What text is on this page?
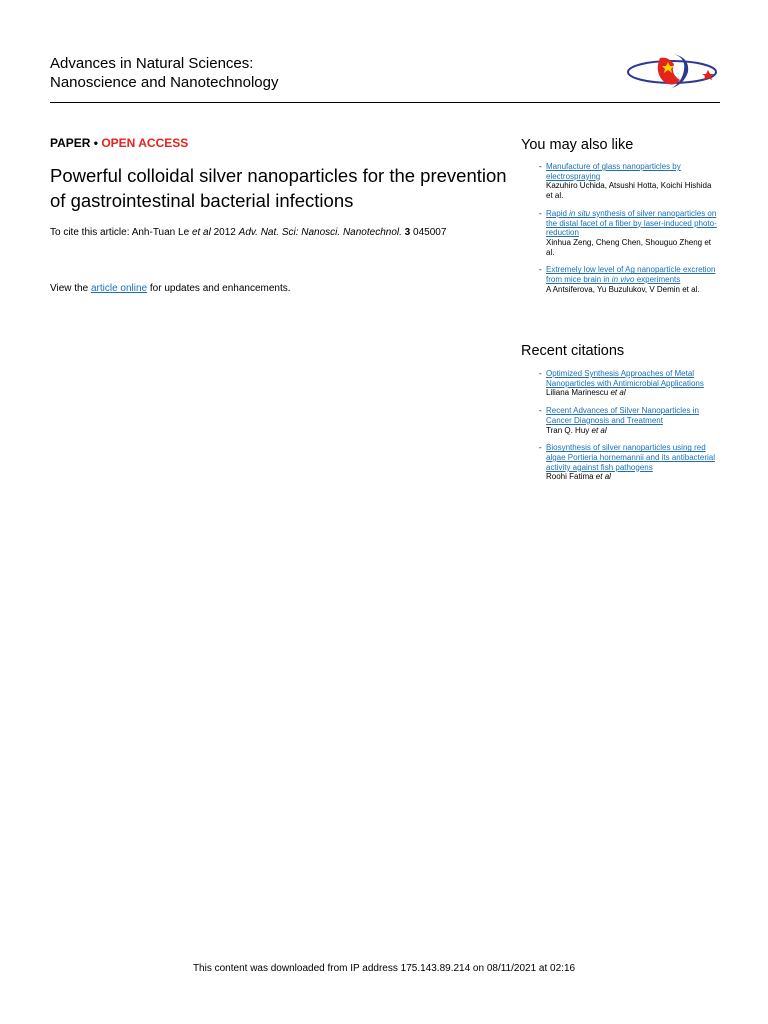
Advances in Natural Sciences:
Nanoscience and Nanotechnology
PAPER • OPEN ACCESS
Powerful colloidal silver nanoparticles for the prevention of gastrointestinal bacterial infections
To cite this article: Anh-Tuan Le et al 2012 Adv. Nat. Sci: Nanosci. Nanotechnol. 3 045007
View the article online for updates and enhancements.
You may also like
- Manufacture of glass nanoparticles by electrospraying
Kazuhiro Uchida, Atsushi Hotta, Koichi Hishida et al.
- Rapid in situ synthesis of silver nanoparticles on the distal facet of a fiber by laser-induced photo-reduction
Xinhua Zeng, Cheng Chen, Shouguo Zheng et al.
- Extremely low level of Ag nanoparticle excretion from mice brain in in vivo experiments
A Antsiferova, Yu Buzulukov, V Demin et al.
Recent citations
- Optimized Synthesis Approaches of Metal Nanoparticles with Antimicrobial Applications
Liliana Marinescu et al
- Recent Advances of Silver Nanoparticles in Cancer Diagnosis and Treatment
Tran Q. Huy et al
- Biosynthesis of silver nanoparticles using red algae Portieria hornemannii and its antibacterial activity against fish pathogens
Roohi Fatima et al
This content was downloaded from IP address 175.143.89.214 on 08/11/2021 at 02:16
